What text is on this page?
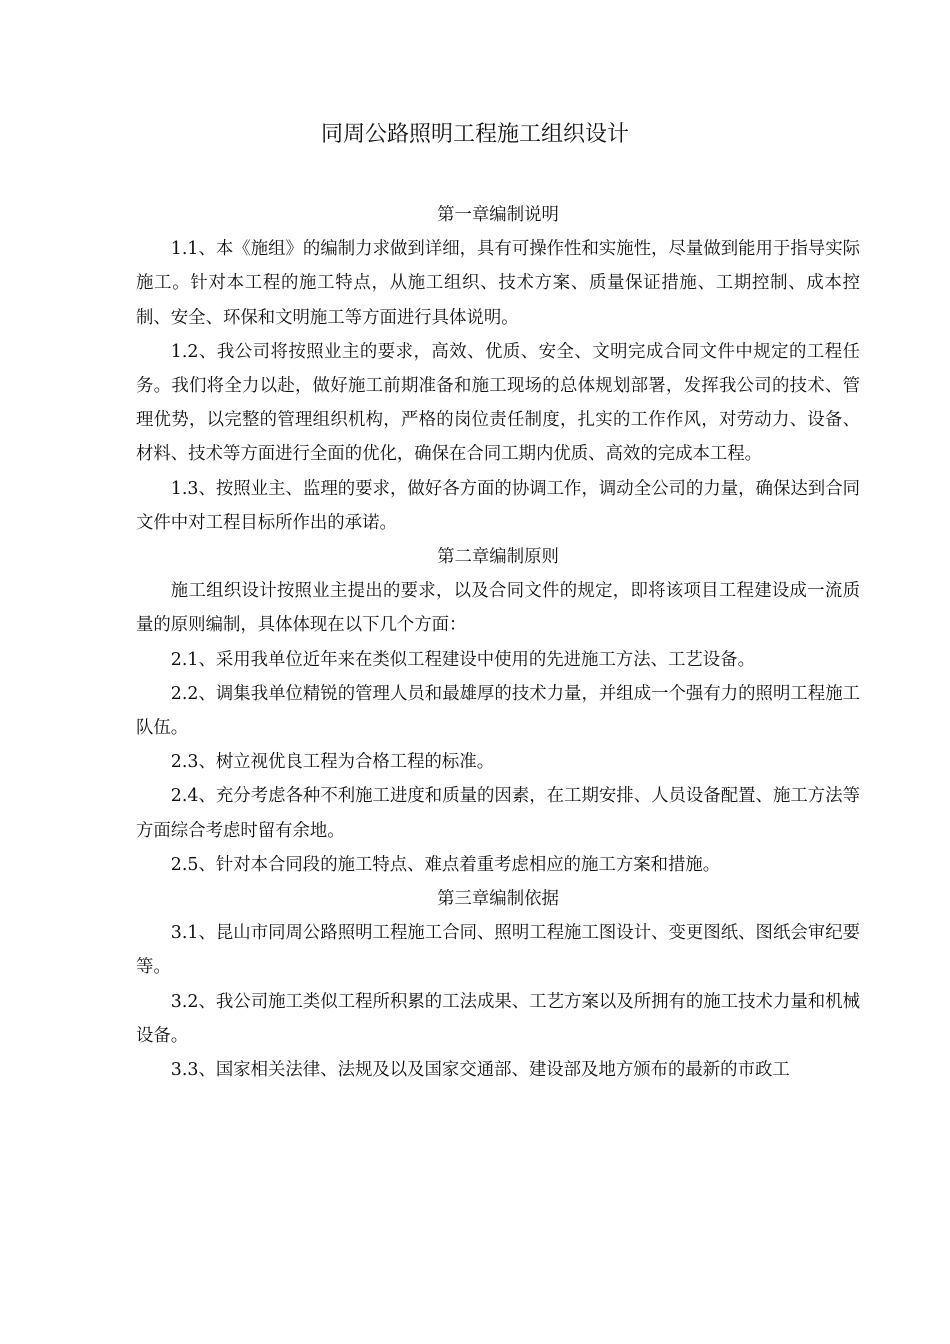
同周公路照明工程施工组织设计

第一章编制说明

1.1、本《施组》的编制力求做到详细，具有可操作性和实施性，尽量做到能用于指导实际施工。针对本工程的施工特点，从施工组织、技术方案、质量保证措施、工期控制、成本控制、安全、环保和文明施工等方面进行具体说明。

1.2、我公司将按照业主的要求，高效、优质、安全、文明完成合同文件中规定的工程任务。我们将全力以赴，做好施工前期准备和施工现场的总体规划部署，发挥我公司的技术、管理优势，以完整的管理组织机构，严格的岗位责任制度，扎实的工作作风，对劳动力、设备、材料、技术等方面进行全面的优化，确保在合同工期内优质、高效的完成本工程。

1.3、按照业主、监理的要求，做好各方面的协调工作，调动全公司的力量，确保达到合同文件中对工程目标所作出的承诺。

第二章编制原则

施工组织设计按照业主提出的要求，以及合同文件的规定，即将该项目工程建设成一流质量的原则编制，具体体现在以下几个方面：

2.1、采用我单位近年来在类似工程建设中使用的先进施工方法、工艺设备。

2.2、调集我单位精锐的管理人员和最雄厚的技术力量，并组成一个强有力的照明工程施工队伍。

2.3、树立视优良工程为合格工程的标准。

2.4、充分考虑各种不利施工进度和质量的因素，在工期安排、人员设备配置、施工方法等方面综合考虑时留有余地。

2.5、针对本合同段的施工特点、难点着重考虑相应的施工方案和措施。

第三章编制依据

3.1、昆山市同周公路照明工程施工合同、照明工程施工图设计、变更图纸、图纸会审纪要等。

3.2、我公司施工类似工程所积累的工法成果、工艺方案以及所拥有的施工技术力量和机械设备。

3.3、国家相关法律、法规及以及国家交通部、建设部及地方颁布的最新的市政工
